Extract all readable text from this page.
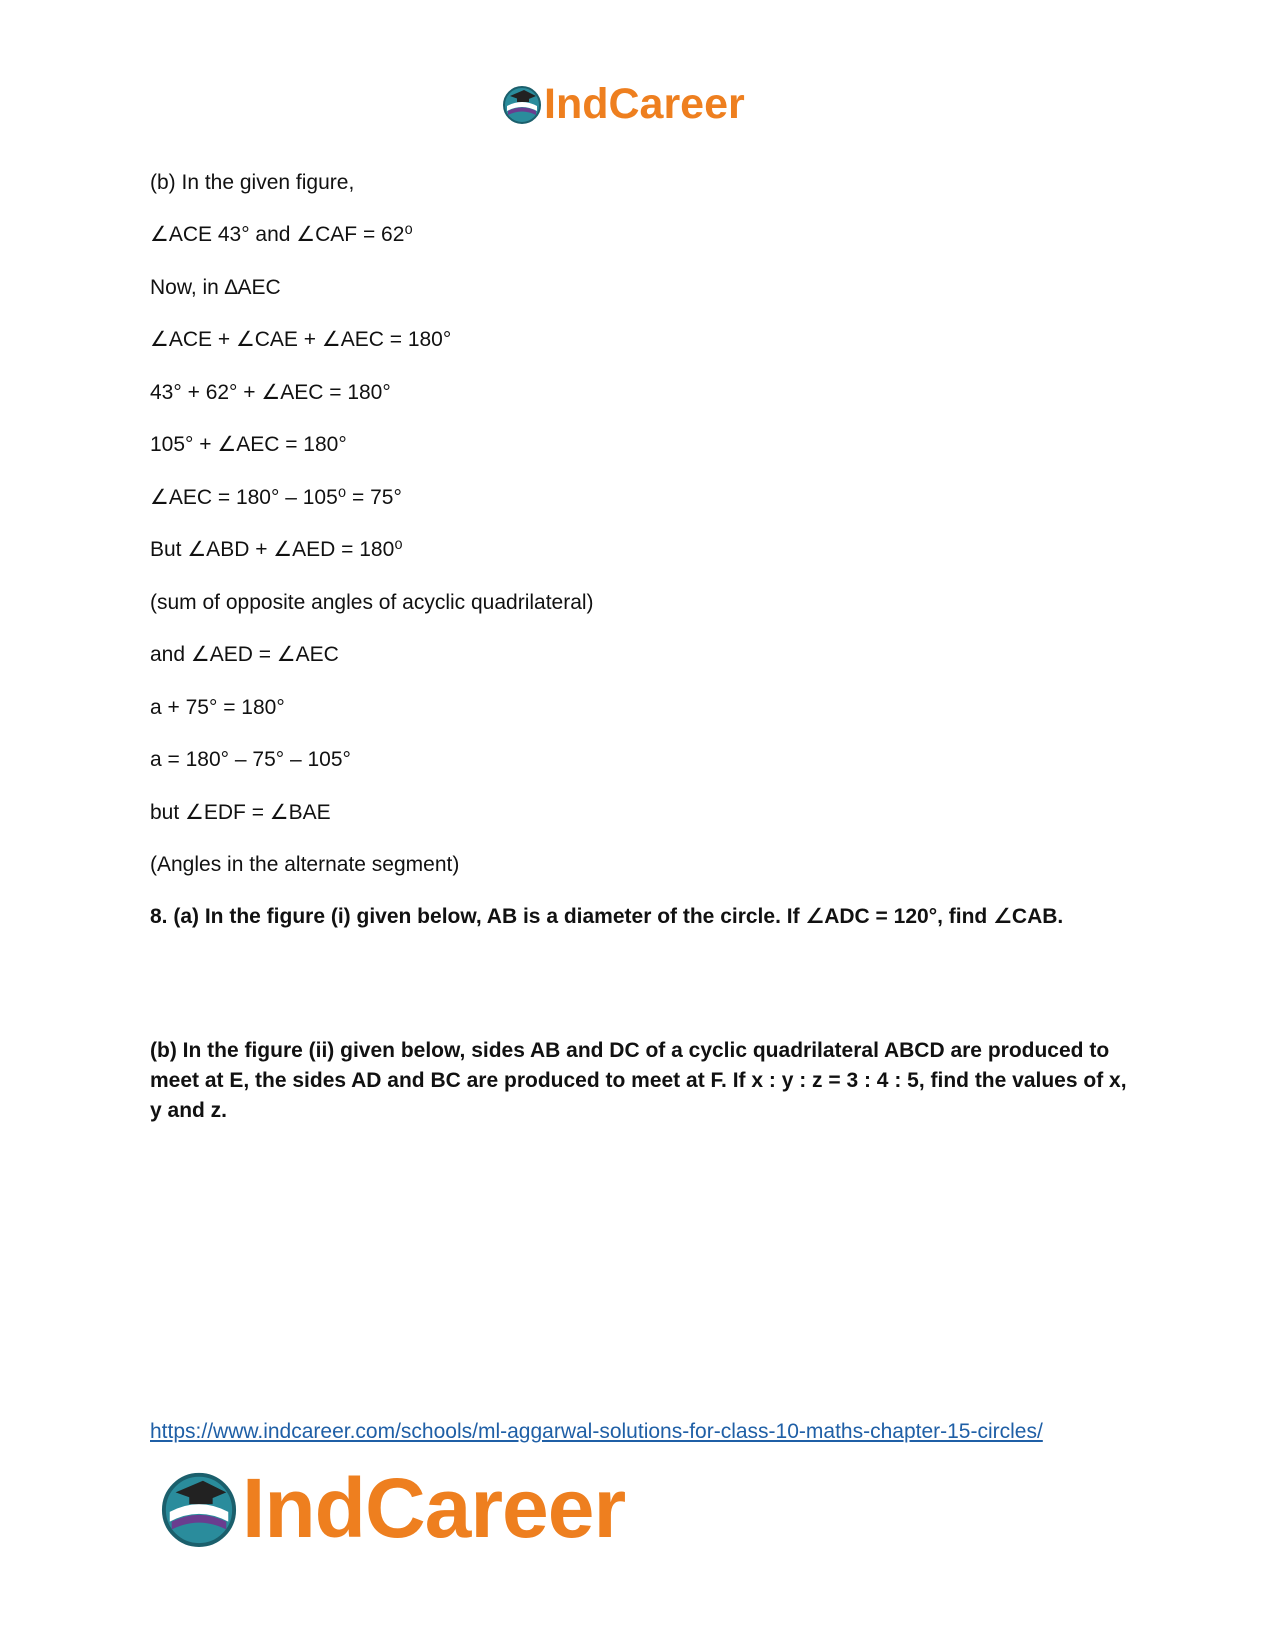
IndCareer
(b) In the given figure,
∠ACE 43° and ∠CAF = 62⁰
Now, in ∆AEC
∠ACE + ∠CAE + ∠AEC = 180°
43° + 62° + ∠AEC = 180°
105° + ∠AEC = 180°
∠AEC = 180° – 105⁰ = 75°
But ∠ABD + ∠AED = 180⁰
(sum of opposite angles of acyclic quadrilateral)
and ∠AED = ∠AEC
a + 75° = 180°
a = 180° – 75° – 105°
but ∠EDF = ∠BAE
(Angles in the alternate segment)
8. (a) In the figure (i) given below, AB is a diameter of the circle. If ∠ADC = 120°, find ∠CAB.
(b) In the figure (ii) given below, sides AB and DC of a cyclic quadrilateral ABCD are produced to meet at E, the sides AD and BC are produced to meet at F. If x : y : z = 3 : 4 : 5, find the values of x, y and z.
https://www.indcareer.com/schools/ml-aggarwal-solutions-for-class-10-maths-chapter-15-circles/
IndCareer
